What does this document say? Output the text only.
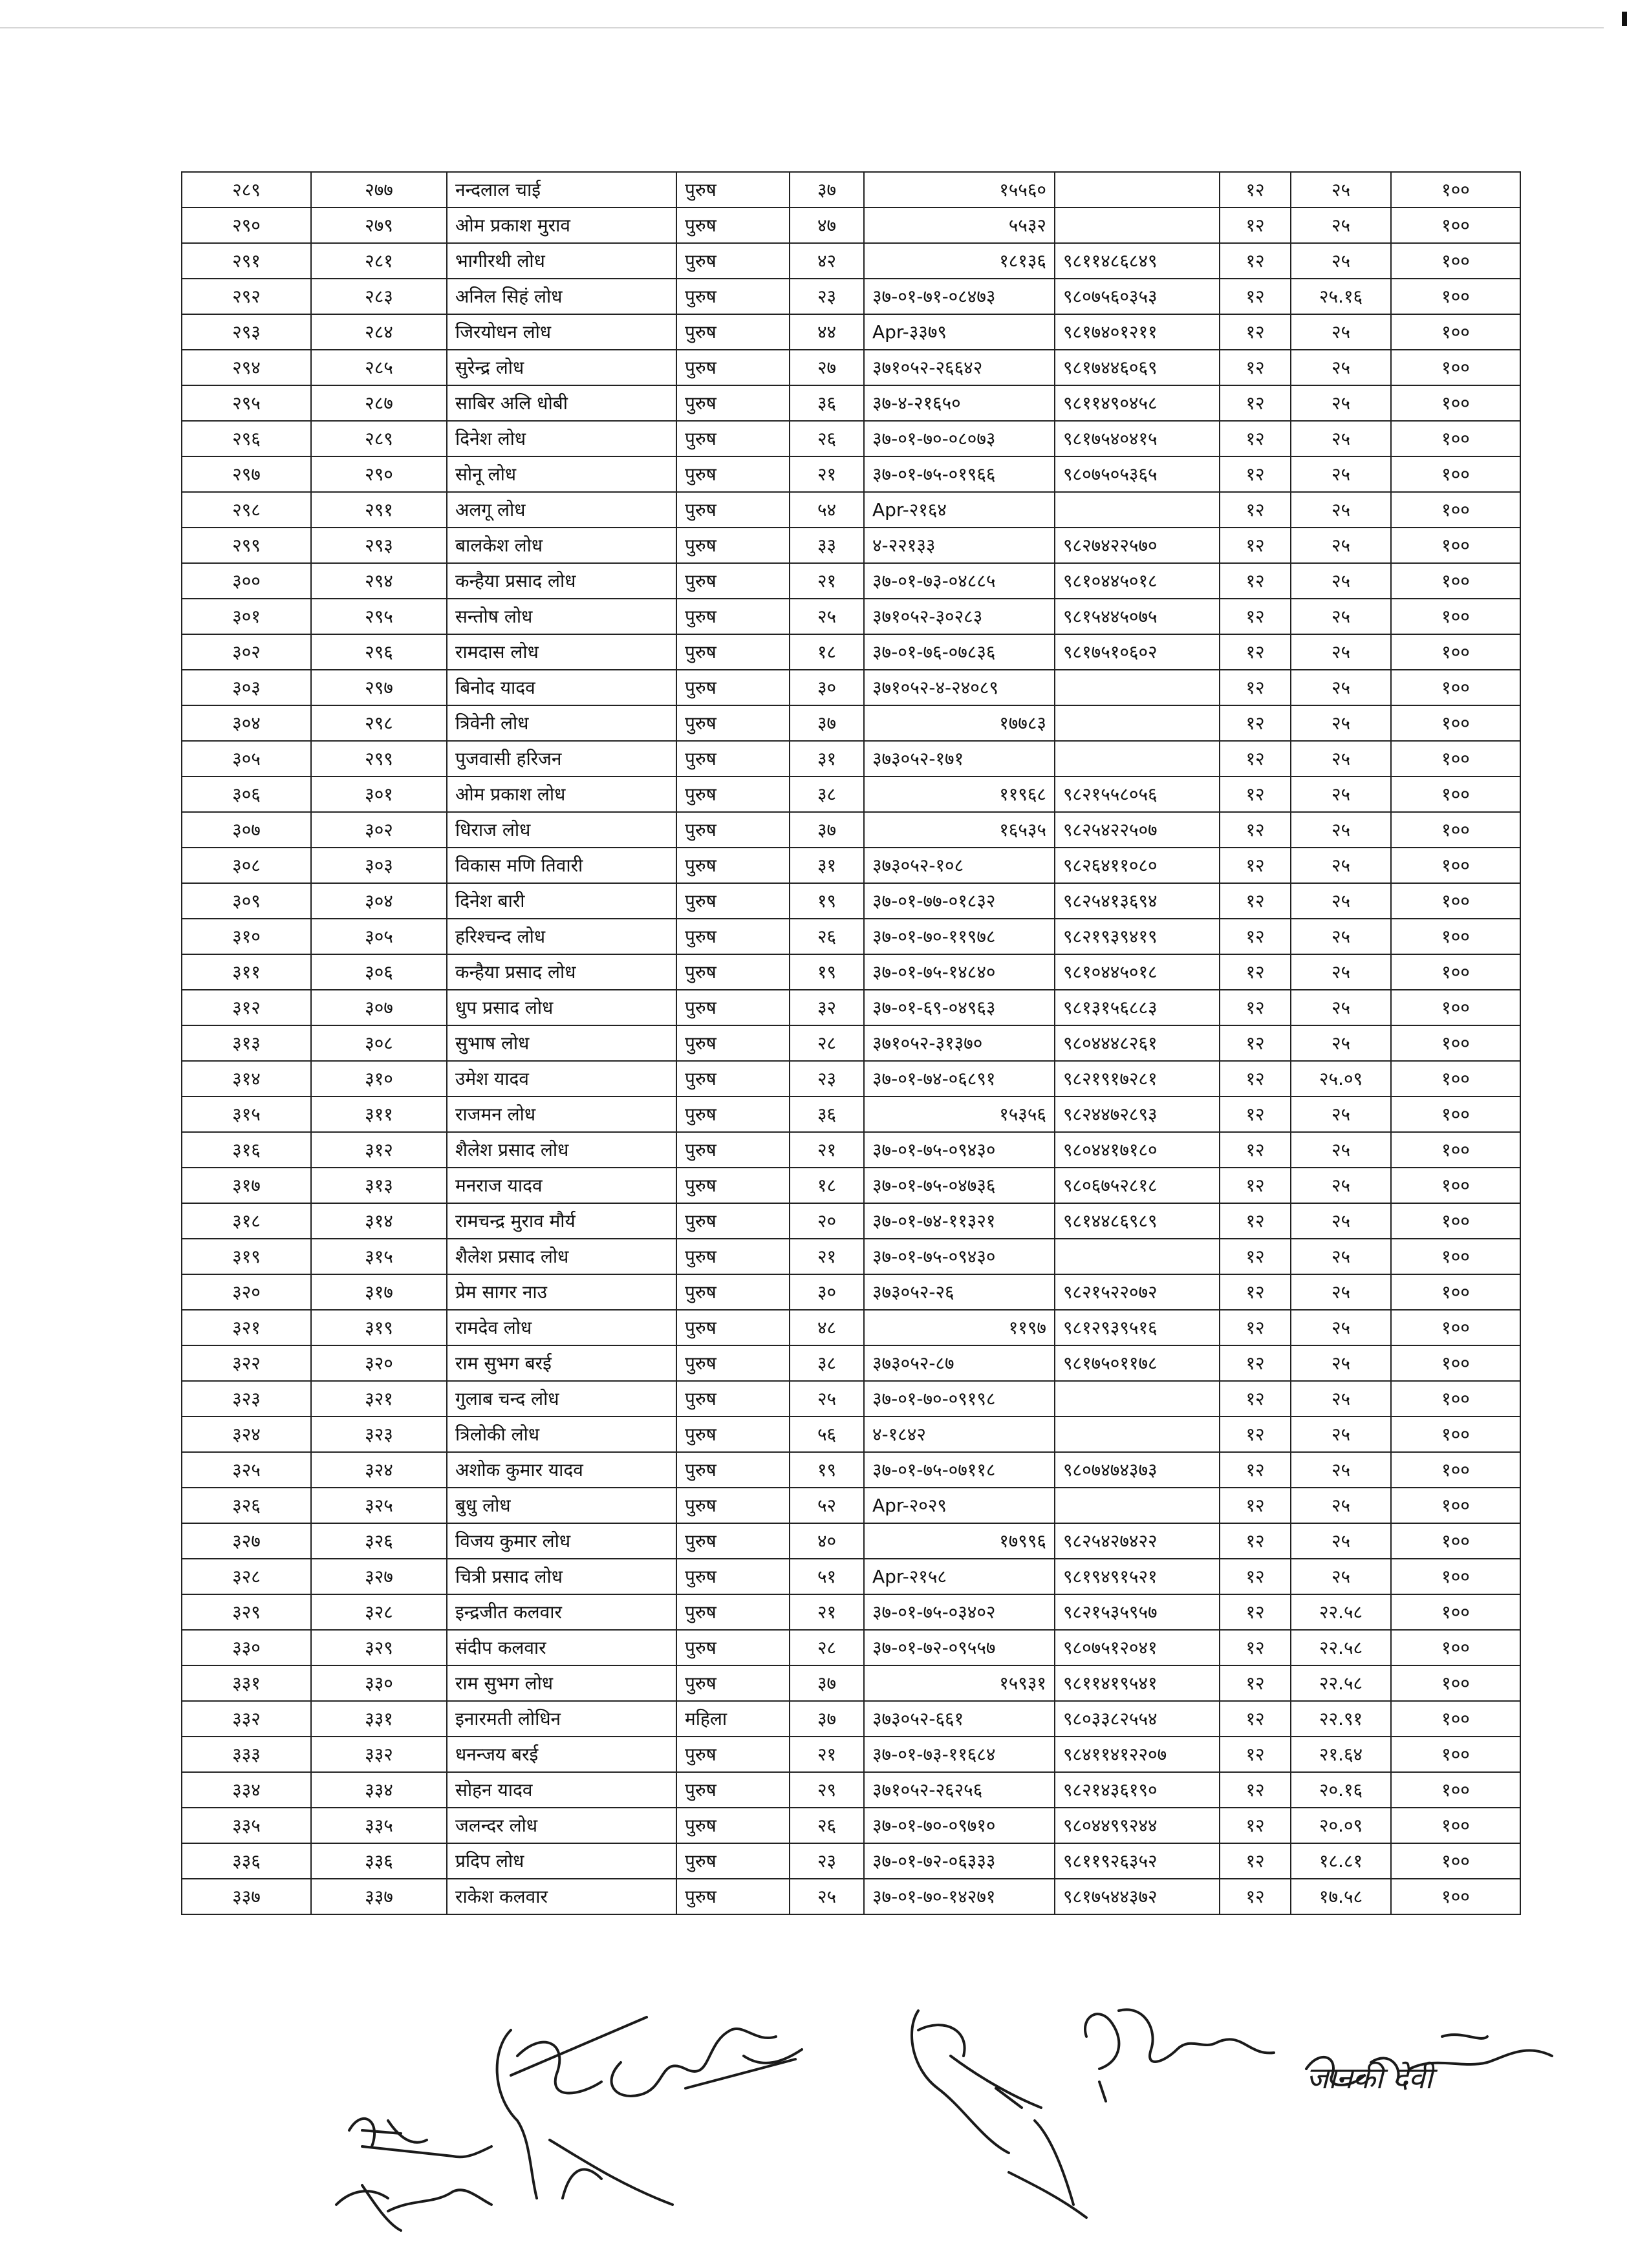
२८९	२७७	नन्दलाल चाई	पुरुष	३७	१५५६०		१२	२५	१००
२९०	२७९	ओम प्रकाश मुराव	पुरुष	४७	५५३२		१२	२५	१००
२९१	२८१	भागीरथी लोध	पुरुष	४२	१८१३६	९८११४८६८४९	१२	२५	१००
२९२	२८३	अनिल सिहं लोध	पुरुष	२३	३७-०१-७१-०८४७३	९८०७५६०३५३	१२	२५.१६	१००
२९३	२८४	जिरयोधन लोध	पुरुष	४४	Apr-३३७९	९८१७४०१२११	१२	२५	१००
२९४	२८५	सुरेन्द्र लोध	पुरुष	२७	३७१०५२-२६६४२	९८१७४४६०६९	१२	२५	१००
२९५	२८७	साबिर अलि धोबी	पुरुष	३६	३७-४-२१६५०	९८११४९०४५८	१२	२५	१००
२९६	२८९	दिनेश लोध	पुरुष	२६	३७-०१-७०-०८०७३	९८१७५४०४१५	१२	२५	१००
२९७	२९०	सोनू लोध	पुरुष	२१	३७-०१-७५-०१९६६	९८०७५०५३६५	१२	२५	१००
२९८	२९१	अलगू लोध	पुरुष	५४	Apr-२१६४		१२	२५	१००
२९९	२९३	बालकेश लोध	पुरुष	३३	४-२२१३३	९८२७४२२५७०	१२	२५	१००
३००	२९४	कन्हैया प्रसाद लोध	पुरुष	२१	३७-०१-७३-०४८८५	९८१०४४५०१८	१२	२५	१००
३०१	२९५	सन्तोष लोध	पुरुष	२५	३७१०५२-३०२८३	९८१५४४५०७५	१२	२५	१००
३०२	२९६	रामदास लोध	पुरुष	१८	३७-०१-७६-०७८३६	९८१७५१०६०२	१२	२५	१००
३०३	२९७	बिनोद यादव	पुरुष	३०	३७१०५२-४-२४०८९		१२	२५	१००
३०४	२९८	त्रिवेनी लोध	पुरुष	३७	१७७८३		१२	२५	१००
३०५	२९९	पुजवासी हरिजन	पुरुष	३१	३७३०५२-१७१		१२	२५	१००
३०६	३०१	ओम प्रकाश लोध	पुरुष	३८	११९६८	९८२१५५८०५६	१२	२५	१००
३०७	३०२	धिराज लोध	पुरुष	३७	१६५३५	९८२५४२२५०७	१२	२५	१००
३०८	३०३	विकास मणि तिवारी	पुरुष	३१	३७३०५२-१०८	९८२६४११०८०	१२	२५	१००
३०९	३०४	दिनेश बारी	पुरुष	१९	३७-०१-७७-०१८३२	९८२५४१३६९४	१२	२५	१००
३१०	३०५	हरिश्चन्द लोध	पुरुष	२६	३७-०१-७०-११९७८	९८२१९३९४१९	१२	२५	१००
३११	३०६	कन्हैया प्रसाद लोध	पुरुष	१९	३७-०१-७५-१४८४०	९८१०४४५०१८	१२	२५	१००
३१२	३०७	धुप प्रसाद लोध	पुरुष	३२	३७-०१-६९-०४९६३	९८१३१५६८८३	१२	२५	१००
३१३	३०८	सुभाष लोध	पुरुष	२८	३७१०५२-३१३७०	९८०४४४८२६१	१२	२५	१००
३१४	३१०	उमेश यादव	पुरुष	२३	३७-०१-७४-०६८९१	९८२१९१७२८१	१२	२५.०९	१००
३१५	३११	राजमन लोध	पुरुष	३६	१५३५६	९८२४४७२८९३	१२	२५	१००
३१६	३१२	शैलेश प्रसाद लोध	पुरुष	२१	३७-०१-७५-०९४३०	९८०४४१७१८०	१२	२५	१००
३१७	३१३	मनराज यादव	पुरुष	१८	३७-०१-७५-०४७३६	९८०६७५२८१८	१२	२५	१००
३१८	३१४	रामचन्द्र मुराव मौर्य	पुरुष	२०	३७-०१-७४-११३२१	९८१४४८६९८९	१२	२५	१००
३१९	३१५	शैलेश प्रसाद लोध	पुरुष	२१	३७-०१-७५-०९४३०		१२	२५	१००
३२०	३१७	प्रेम सागर नाउ	पुरुष	३०	३७३०५२-२६	९८२१५२२०७२	१२	२५	१००
३२१	३१९	रामदेव लोध	पुरुष	४८	११९७	९८१२९३९५१६	१२	२५	१००
३२२	३२०	राम सुभग बरई	पुरुष	३८	३७३०५२-८७	९८१७५०११७८	१२	२५	१००
३२३	३२१	गुलाब चन्द लोध	पुरुष	२५	३७-०१-७०-०९१९८		१२	२५	१००
३२४	३२३	त्रिलोकी लोध	पुरुष	५६	४-१८४२		१२	२५	१००
३२५	३२४	अशोक कुमार यादव	पुरुष	१९	३७-०१-७५-०७११८	९८०७४७४३७३	१२	२५	१००
३२६	३२५	बुधु लोध	पुरुष	५२	Apr-२०२९		१२	२५	१००
३२७	३२६	विजय कुमार लोध	पुरुष	४०	१७९९६	९८२५४२७४२२	१२	२५	१००
३२८	३२७	चित्री प्रसाद लोध	पुरुष	५१	Apr-२१५८	९८१९४९१५२१	१२	२५	१००
३२९	३२८	इन्द्रजीत कलवार	पुरुष	२१	३७-०१-७५-०३४०२	९८२१५३५९५७	१२	२२.५८	१००
३३०	३२९	संदीप कलवार	पुरुष	२८	३७-०१-७२-०९५५७	९८०७५१२०४१	१२	२२.५८	१००
३३१	३३०	राम सुभग लोध	पुरुष	३७	१५९३१	९८११४१९५४१	१२	२२.५८	१००
३३२	३३१	इनारमती लोधिन	महिला	३७	३७३०५२-६६१	९८०३३८२५५४	१२	२२.९१	१००
३३३	३३२	धनन्जय बरई	पुरुष	२१	३७-०१-७३-११६८४	९८४११४१२२०७	१२	२१.६४	१००
३३४	३३४	सोहन यादव	पुरुष	२९	३७१०५२-२६२५६	९८२१४३६१९०	१२	२०.१६	१००
३३५	३३५	जलन्दर लोध	पुरुष	२६	३७-०१-७०-०९७१०	९८०४४९९२४४	१२	२०.०९	१००
३३६	३३६	प्रदिप लोध	पुरुष	२३	३७-०१-७२-०६३३३	९८११९२६३५२	१२	१८.८१	१००
३३७	३३७	राकेश कलवार	पुरुष	२५	३७-०१-७०-१४२७१	९८१७५४४३७२	१२	१७.५८	१००
जानकी देवी
